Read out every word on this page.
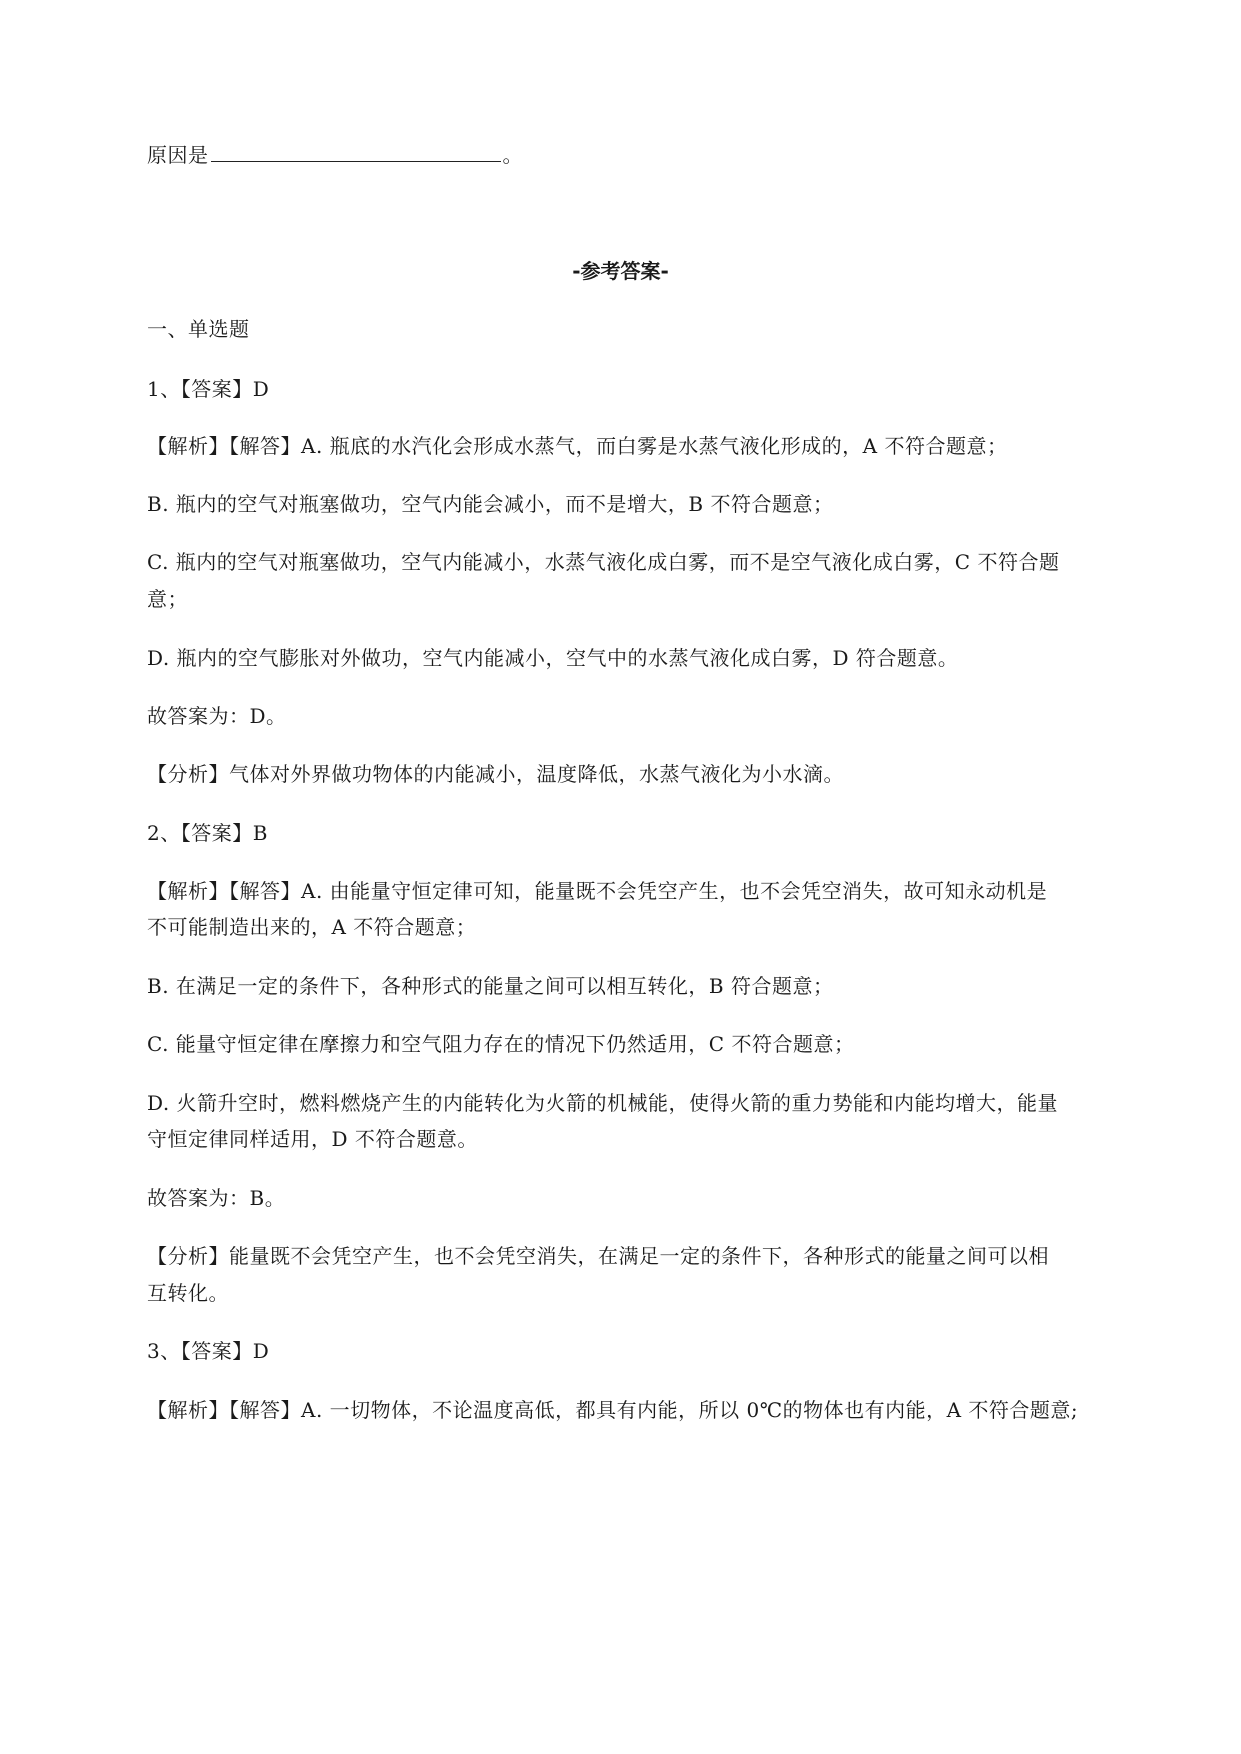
原因是	。
-参考答案-
一、单选题
1、【答案】D
【解析】【解答】A. 瓶底的水汽化会形成水蒸气，而白雾是水蒸气液化形成的，A 不符合题意；
B. 瓶内的空气对瓶塞做功，空气内能会减小，而不是增大，B 不符合题意；
C. 瓶内的空气对瓶塞做功，空气内能减小，水蒸气液化成白雾，而不是空气液化成白雾，C 不符合题
意；
D. 瓶内的空气膨胀对外做功，空气内能减小，空气中的水蒸气液化成白雾，D 符合题意。
故答案为：D。
【分析】气体对外界做功物体的内能减小，温度降低，水蒸气液化为小水滴。
2、【答案】B
【解析】【解答】A. 由能量守恒定律可知，能量既不会凭空产生，也不会凭空消失，故可知永动机是
不可能制造出来的，A 不符合题意；
B. 在满足一定的条件下，各种形式的能量之间可以相互转化，B 符合题意；
C. 能量守恒定律在摩擦力和空气阻力存在的情况下仍然适用，C 不符合题意；
D. 火箭升空时，燃料燃烧产生的内能转化为火箭的机械能，使得火箭的重力势能和内能均增大，能量
守恒定律同样适用，D 不符合题意。
故答案为：B。
【分析】能量既不会凭空产生，也不会凭空消失，在满足一定的条件下，各种形式的能量之间可以相
互转化。
3、【答案】D
【解析】【解答】A. 一切物体，不论温度高低，都具有内能，所以 0℃的物体也有内能，A 不符合题意;
